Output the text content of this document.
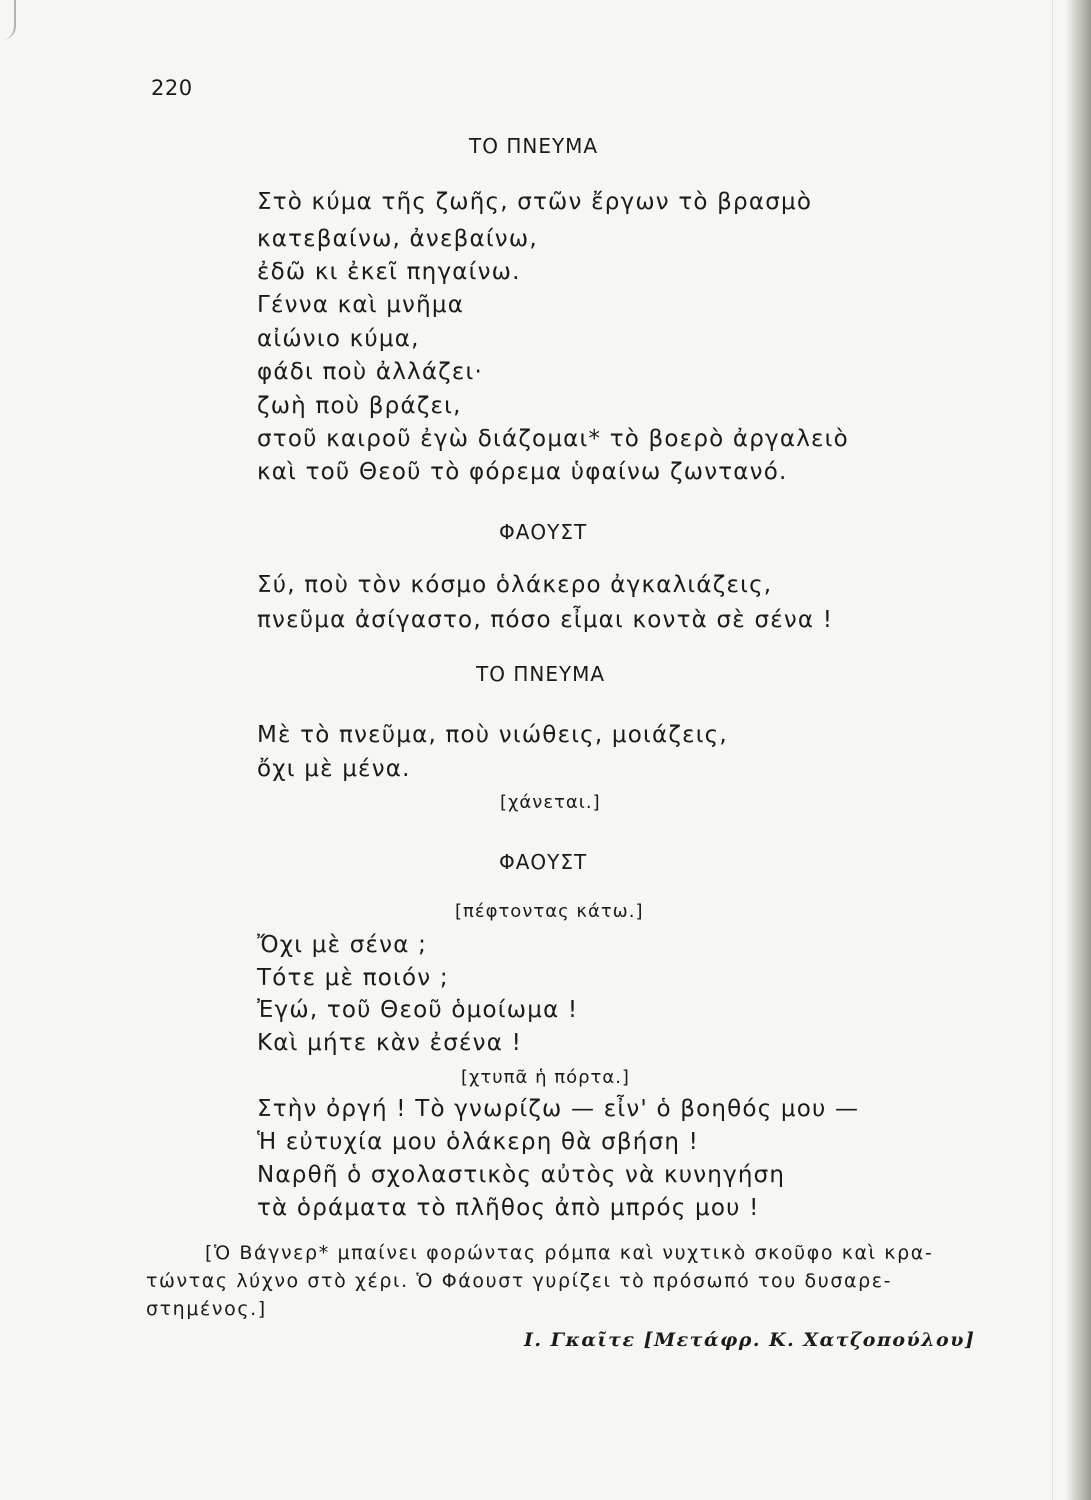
220
ΤΟ ΠΝΕΥΜΑ
Στὸ κύμα τῆς ζωῆς, στῶν ἔργων τὸ βρασμὸ
κατεβαίνω, ἀνεβαίνω,
ἐδῶ κι ἐκεῖ πηγαίνω.
Γέννα καὶ μνῆμα
αἰώνιο κύμα,
φάδι ποὺ ἀλλάζει·
ζωὴ ποὺ βράζει,
στοῦ καιροῦ ἐγὼ διάζομαι* τὸ βοερὸ ἀργαλειὸ
καὶ τοῦ Θεοῦ τὸ φόρεμα ὑφαίνω ζωντανό.
ΦΑΟΥΣΤ
Σύ, ποὺ τὸν κόσμο ὁλάκερο ἀγκαλιάζεις,
πνεῦμα ἀσίγαστο, πόσο εἶμαι κοντὰ σὲ σένα !
ΤΟ ΠΝΕΥΜΑ
Μὲ τὸ πνεῦμα, ποὺ νιώθεις, μοιάζεις,
ὄχι μὲ μένα.
[χάνεται.]
ΦΑΟΥΣΤ
[πέφτοντας κάτω.]
Ὄχι μὲ σένα ;
Τότε μὲ ποιόν ;
Ἐγώ, τοῦ Θεοῦ ὁμοίωμα !
Καὶ μήτε κὰν ἐσένα !
[χτυπᾶ ἡ πόρτα.]
Στὴν ὀργή ! Τὸ γνωρίζω — εἶν' ὁ βοηθός μου —
Ἡ εὐτυχία μου ὁλάκερη θὰ σβήση !
Ναρθῆ ὁ σχολαστικὸς αὐτὸς νὰ κυνηγήση
τὰ ὁράματα τὸ πλῆθος ἀπὸ μπρός μου !
[Ὁ Βάγνερ* μπαίνει φορώντας ρόμπα καὶ νυχτικὸ σκοῦφο καὶ κρα-
τώντας λύχνο στὸ χέρι. Ὁ Φάουστ γυρίζει τὸ πρόσωπό του δυσαρε-
στημένος.]
Ι. Γκαῖτε [Μετάφρ. Κ. Χατζοπούλου]
